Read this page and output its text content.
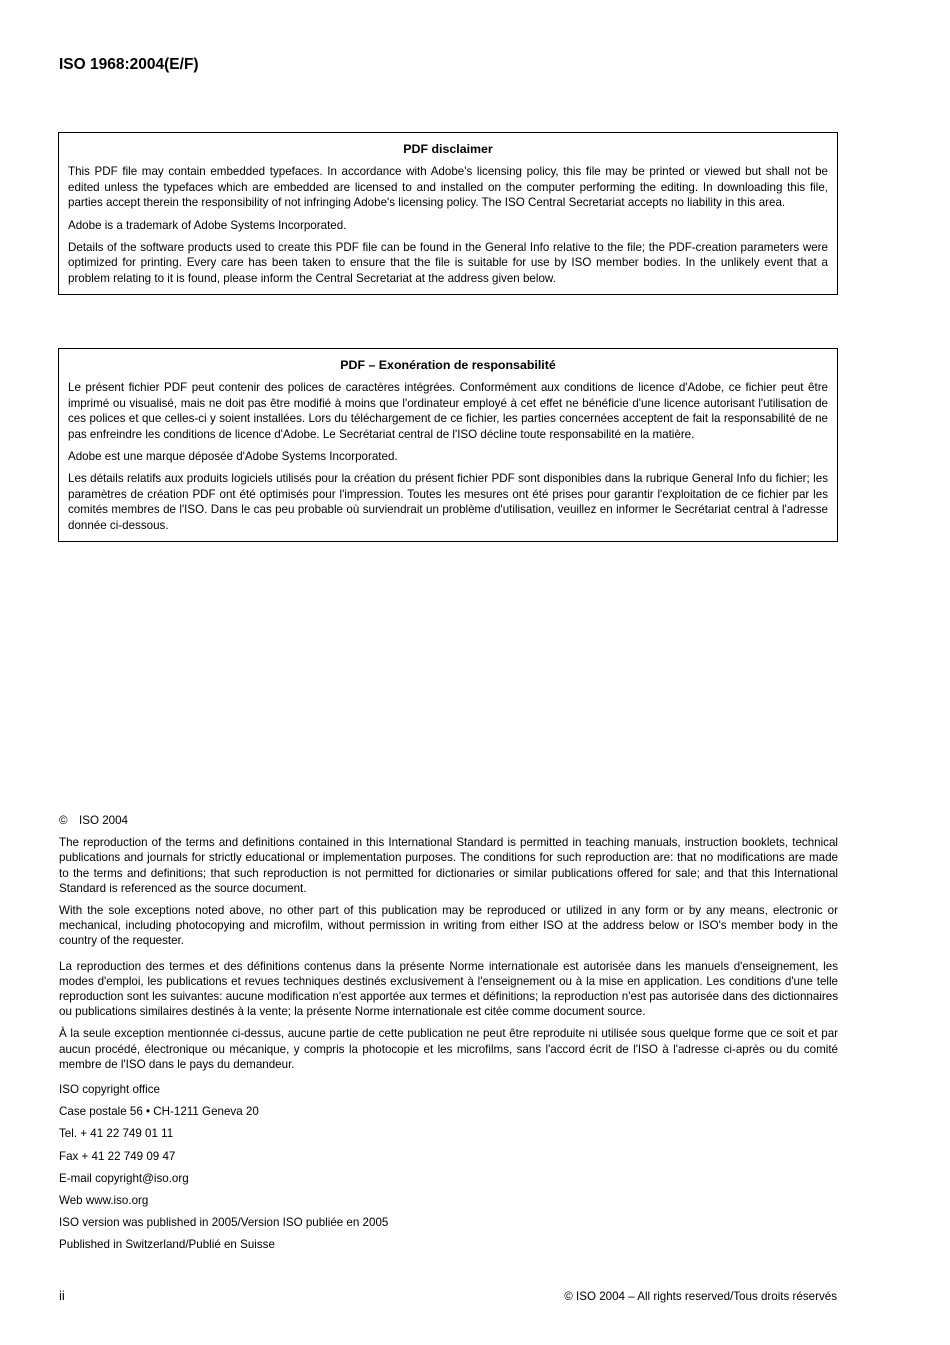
ISO 1968:2004(E/F)
PDF disclaimer

This PDF file may contain embedded typefaces. In accordance with Adobe's licensing policy, this file may be printed or viewed but shall not be edited unless the typefaces which are embedded are licensed to and installed on the computer performing the editing. In downloading this file, parties accept therein the responsibility of not infringing Adobe's licensing policy. The ISO Central Secretariat accepts no liability in this area.

Adobe is a trademark of Adobe Systems Incorporated.

Details of the software products used to create this PDF file can be found in the General Info relative to the file; the PDF-creation parameters were optimized for printing. Every care has been taken to ensure that the file is suitable for use by ISO member bodies. In the unlikely event that a problem relating to it is found, please inform the Central Secretariat at the address given below.

PDF – Exonération de responsabilité

Le présent fichier PDF peut contenir des polices de caractères intégrées. Conformément aux conditions de licence d'Adobe, ce fichier peut être imprimé ou visualisé, mais ne doit pas être modifié à moins que l'ordinateur employé à cet effet ne bénéficie d'une licence autorisant l'utilisation de ces polices et que celles-ci y soient installées. Lors du téléchargement de ce fichier, les parties concernées acceptent de fait la responsabilité de ne pas enfreindre les conditions de licence d'Adobe. Le Secrétariat central de l'ISO décline toute responsabilité en la matière.

Adobe est une marque déposée d'Adobe Systems Incorporated.

Les détails relatifs aux produits logiciels utilisés pour la création du présent fichier PDF sont disponibles dans la rubrique General Info du fichier; les paramètres de création PDF ont été optimisés pour l'impression. Toutes les mesures ont été prises pour garantir l'exploitation de ce fichier par les comités membres de l'ISO. Dans le cas peu probable où surviendrait un problème d'utilisation, veuillez en informer le Secrétariat central à l'adresse donnée ci-dessous.

© ISO 2004

The reproduction of the terms and definitions contained in this International Standard is permitted in teaching manuals, instruction booklets, technical publications and journals for strictly educational or implementation purposes. The conditions for such reproduction are: that no modifications are made to the terms and definitions; that such reproduction is not permitted for dictionaries or similar publications offered for sale; and that this International Standard is referenced as the source document.

With the sole exceptions noted above, no other part of this publication may be reproduced or utilized in any form or by any means, electronic or mechanical, including photocopying and microfilm, without permission in writing from either ISO at the address below or ISO's member body in the country of the requester.

La reproduction des termes et des définitions contenus dans la présente Norme internationale est autorisée dans les manuels d'enseignement, les modes d'emploi, les publications et revues techniques destinés exclusivement à l'enseignement ou à la mise en application. Les conditions d'une telle reproduction sont les suivantes: aucune modification n'est apportée aux termes et définitions; la reproduction n'est pas autorisée dans des dictionnaires ou publications similaires destinés à la vente; la présente Norme internationale est citée comme document source.

À la seule exception mentionnée ci-dessus, aucune partie de cette publication ne peut être reproduite ni utilisée sous quelque forme que ce soit et par aucun procédé, électronique ou mécanique, y compris la photocopie et les microfilms, sans l'accord écrit de l'ISO à l'adresse ci-après ou du comité membre de l'ISO dans le pays du demandeur.

ISO copyright office

Case postale 56 • CH-1211 Geneva 20

Tel. + 41 22 749 01 11

Fax + 41 22 749 09 47

E-mail copyright@iso.org

Web www.iso.org

ISO version was published in 2005/Version ISO publiée en 2005

Published in Switzerland/Publié en Suisse

ii	© ISO 2004 – All rights reserved/Tous droits réservés
